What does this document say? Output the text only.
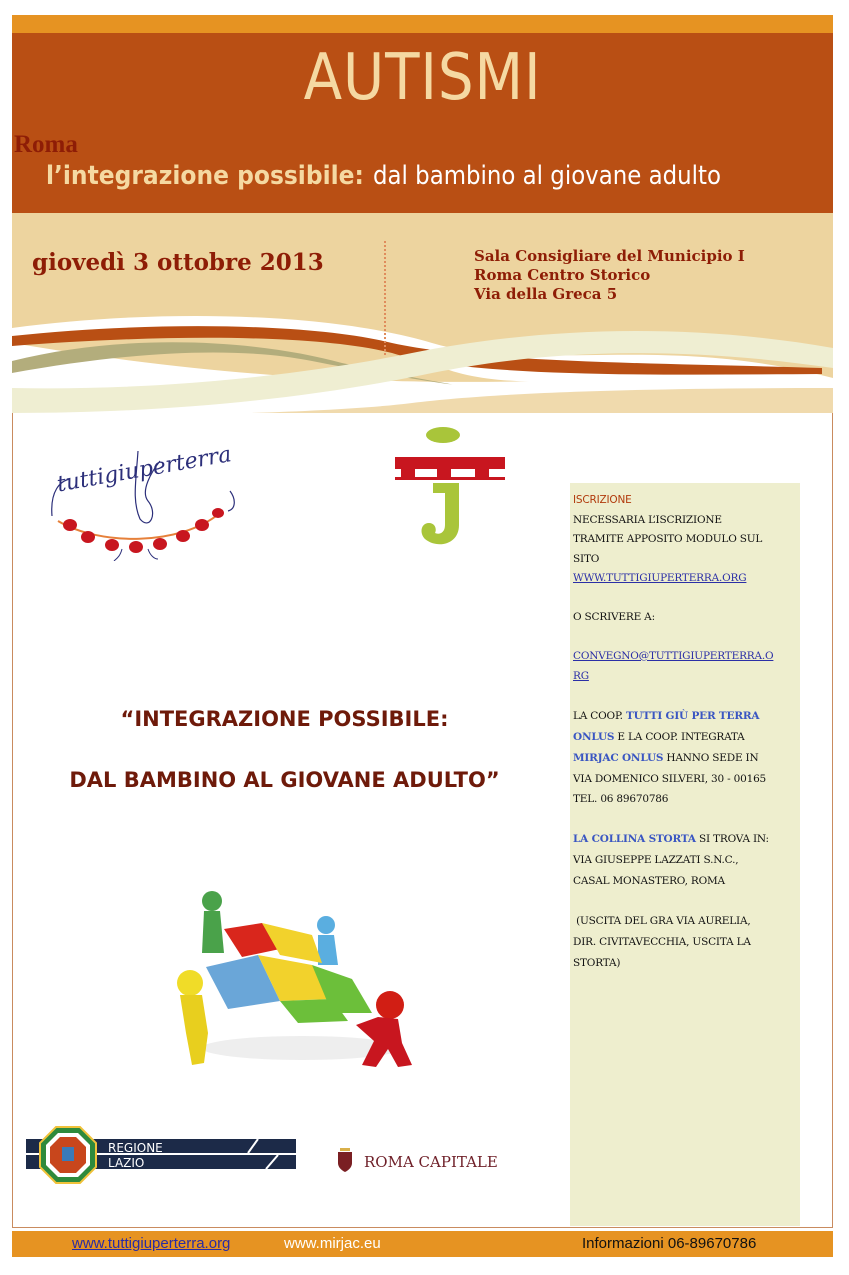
AUTISMI
Roma
l’integrazione possibile:dal bambino al giovane adulto
giovedì 3 ottobre 2013	Sala Consigliare del Municipio I
Roma Centro Storico
Via della Greca 5
tuttigiuperterra
mj
“INTEGRAZIONE POSSIBILE:
DAL BAMBINO AL GIOVANE ADULTO”
REGIONE
LAZIO	ROMA CAPITALE
ISCRIZIONE
NECESSARIA L’ISCRIZIONE
TRAMITE APPOSITO MODULO SUL
SITO
WWW.TUTTIGIUPERTERRA.ORG
O SCRIVERE A:
CONVEGNO@TUTTIGIUPERTERRA.O
RG
LA COOP. TUTTI GIÙ PER TERRA
ONLUS E LA COOP. INTEGRATA
MIRJAC ONLUS HANNO SEDE IN
VIA DOMENICO SILVERI, 30 - 00165
TEL. 06 89670786
LA COLLINA STORTA SI TROVA IN:
VIA GIUSEPPE LAZZATI S.N.C.,
CASAL MONASTERO, ROMA
(USCITA DEL GRA VIA AURELIA,
DIR. CIVITAVECCHIA, USCITA LA
STORTA)
www.tuttigiuperterra.org	www.mirjac.eu	Informazioni 06-89670786
